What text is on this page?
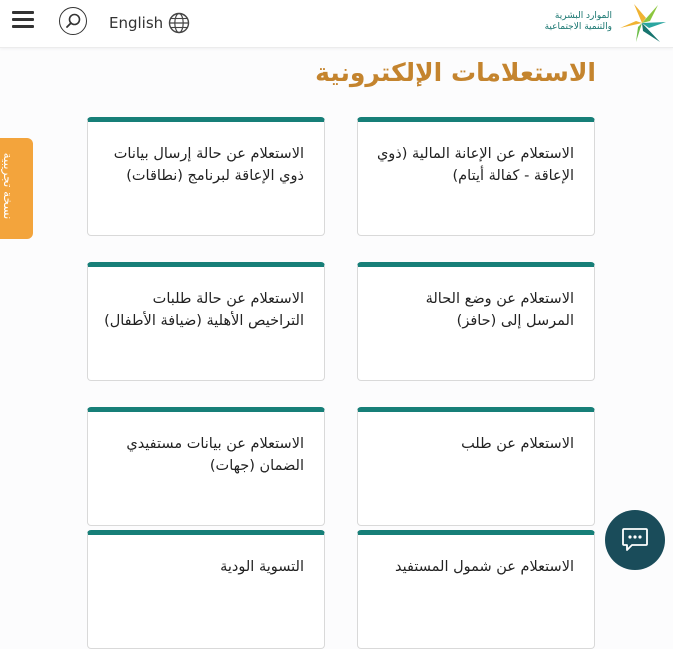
English	الموارد البشرية
والتنمية الاجتماعية
الاستعلامات الإلكترونية
الاستعلام عن الإعانة المالية (ذوي الإعاقة - كفالة أيتام)
الاستعلام عن حالة إرسال بيانات ذوي الإعاقة لبرنامج (نطاقات)
الاستعلام عن وضع الحالة المرسل إلى (حافز)
الاستعلام عن حالة طلبات التراخيص الأهلية (ضيافة الأطفال)
الاستعلام عن طلب
الاستعلام عن بيانات مستفيدي الضمان (جهات)
الاستعلام عن شمول المستفيد
التسوية الودية
نسخة تجريبية
